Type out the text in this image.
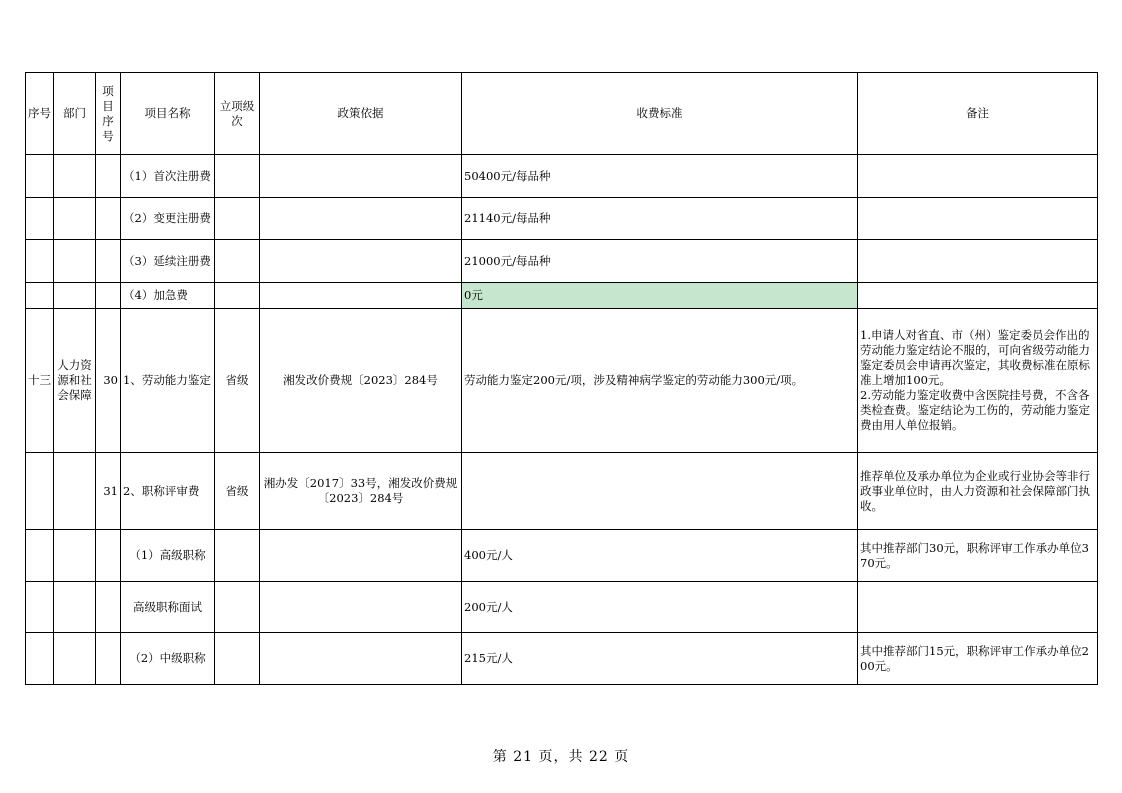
序号	部门	项目序号	项目名称	立项级次	政策依据	收费标准	备注
			（1）首次注册费			50400元/每品种	
			（2）变更注册费			21140元/每品种	
			（3）延续注册费			21000元/每品种	
			（4）加急费			0元	
十三	人力资源和社会保障	30	1、劳动能力鉴定	省级	湘发改价费规〔2023〕284号	劳动能力鉴定200元/项，涉及精神病学鉴定的劳动能力300元/项。	1.申请人对省直、市（州）鉴定委员会作出的劳动能力鉴定结论不服的，可向省级劳动能力鉴定委员会申请再次鉴定，其收费标准在原标准上增加100元。
2.劳动能力鉴定收费中含医院挂号费，不含各类检查费。鉴定结论为工伤的，劳动能力鉴定费由用人单位报销。
		31	2、职称评审费	省级	湘办发〔2017〕33号，湘发改价费规〔2023〕284号		推荐单位及承办单位为企业或行业协会等非行政事业单位时，由人力资源和社会保障部门执收。
			（1）高级职称			400元/人	其中推荐部门30元，职称评审工作承办单位370元。
			高级职称面试			200元/人	
			（2）中级职称			215元/人	其中推荐部门15元，职称评审工作承办单位200元。
第 21 页，共 22 页
